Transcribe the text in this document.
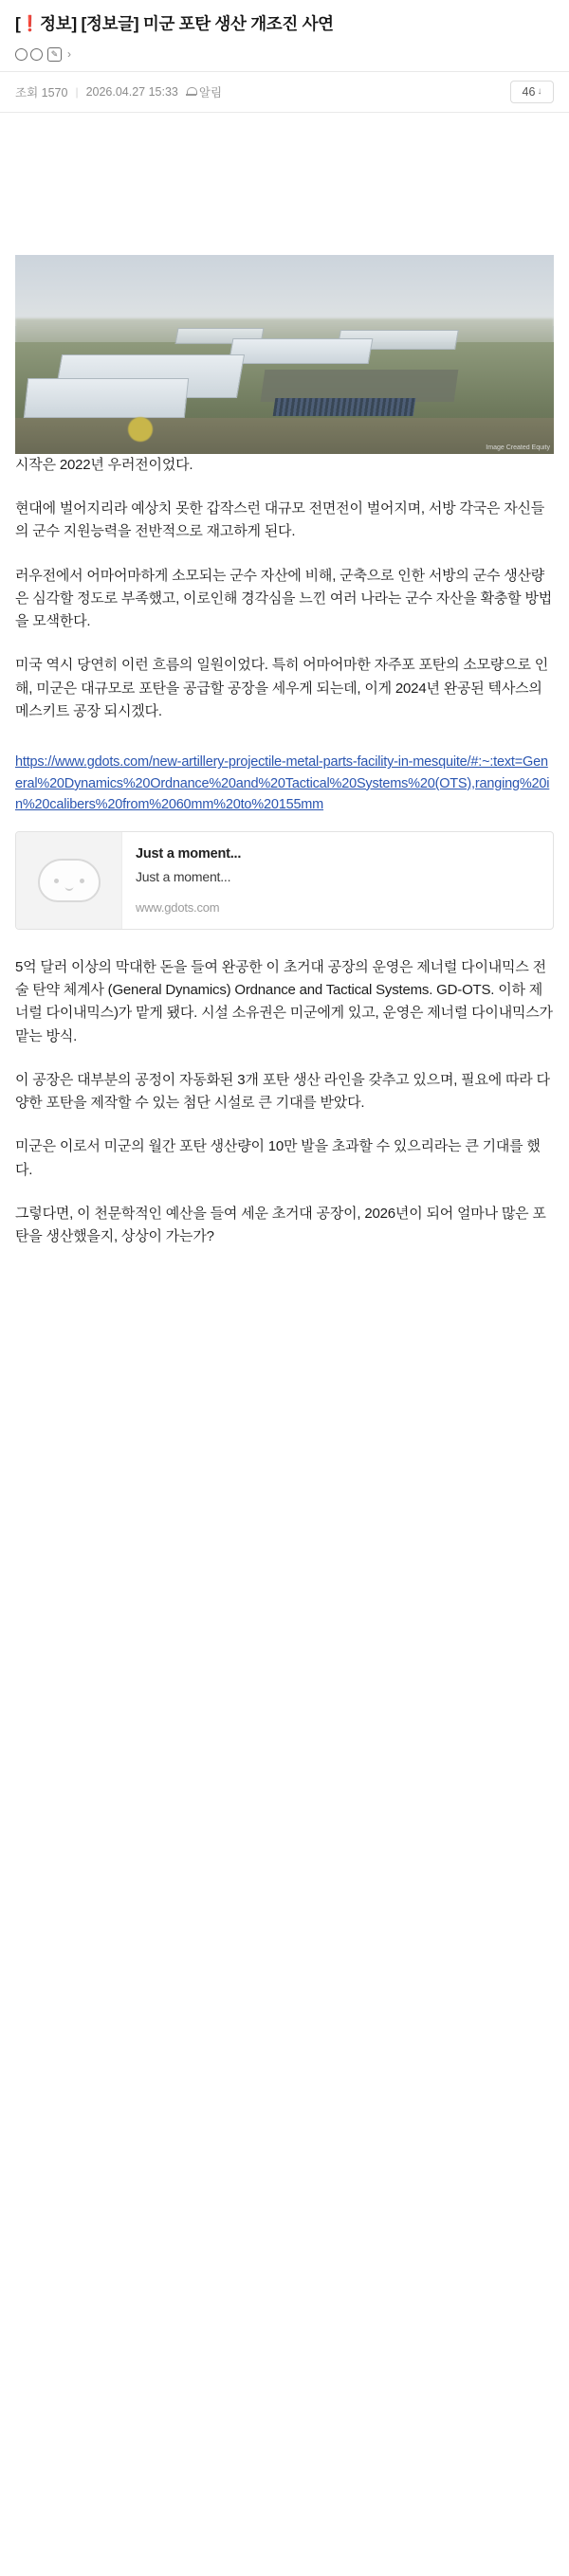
[ ❗ 정보] [정보글] 미군 포탄 생산 개조진 사연
✎ ›
조회 1570 | 2026.04.27 15:33 알림	46 ↓
Image Created Equity

시작은 2022년 우러전이었다.

현대에 벌어지리라 예상치 못한 갑작스런 대규모 전면전이 벌어지며, 서방 각국은 자신들의 군수 지원능력을 전반적으로 재고하게 된다.

러우전에서 어마어마하게 소모되는 군수 자산에 비해, 군축으로 인한 서방의 군수 생산량은 심각할 정도로 부족했고, 이로인해 경각심을 느낀 여러 나라는 군수 자산을 확충할 방법을 모색한다.

미국 역시 당연히 이런 흐름의 일원이었다. 특히 어마어마한 자주포 포탄의 소모량으로 인해, 미군은 대규모로 포탄을 공급할 공장을 세우게 되는데, 이게 2024년 완공된 텍사스의 메스키트 공장 되시겠다.

https://www.gdots.com/new-artillery-projectile-metal-parts-facility-in-mesquite/#:~:text=General%20Dynamics%20Ordnance%20and%20Tactical%20Systems%20(OTS),ranging%20in%20calibers%20from%2060mm%20to%20155mm
Just a moment...
Just a moment...
www.gdots.com

5억 달러 이상의 막대한 돈을 들여 완공한 이 초거대 공장의 운영은 제너럴 다이내믹스 전술 탄약 체계사 (General Dynamics) Ordnance and Tactical Systems. GD-OTS. 이하 제너럴 다이내믹스)가 맡게 됐다. 시설 소유권은 미군에게 있고, 운영은 제너럴 다이내믹스가 맡는 방식.

이 공장은 대부분의 공정이 자동화된 3개 포탄 생산 라인을 갖추고 있으며, 필요에 따라 다양한 포탄을 제작할 수 있는 첨단 시설로 큰 기대를 받았다.

미군은 이로서 미군의 월간 포탄 생산량이 10만 발을 초과할 수 있으리라는 큰 기대를 했다.

그렇다면, 이 천문학적인 예산을 들여 세운 초거대 공장이, 2026년이 되어 얼마나 많은 포탄을 생산했을지, 상상이 가는가?
